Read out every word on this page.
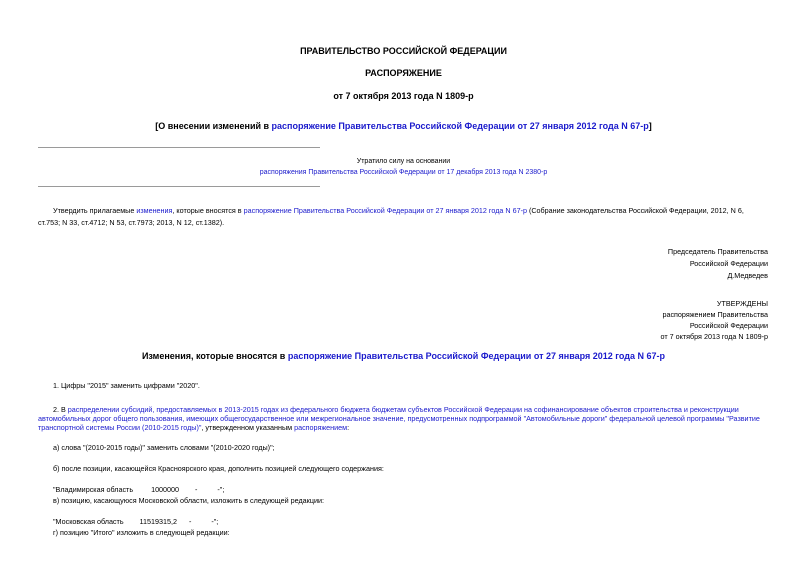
ПРАВИТЕЛЬСТВО РОССИЙСКОЙ ФЕДЕРАЦИИ
РАСПОРЯЖЕНИЕ
от 7 октября 2013 года N 1809-р
[О внесении изменений в распоряжение Правительства Российской Федерации от 27 января 2012 года N 67-р]
Утратило силу на основании
распоряжения Правительства Российской Федерации от 17 декабря 2013 года N 2380-р
Утвердить прилагаемые изменения, которые вносятся в распоряжение Правительства Российской Федерации от 27 января 2012 года N 67-р (Собрание законодательства Российской Федерации, 2012, N 6,
ст.753; N 33, ст.4712; N 53, ст.7973; 2013, N 12, ст.1382).
Председатель Правительства
Российской Федерации
Д.Медведев
УТВЕРЖДЕНЫ
распоряжением Правительства
Российской Федерации
от 7 октября 2013 года N 1809-р
Изменения, которые вносятся в распоряжение Правительства Российской Федерации от 27 января 2012 года N 67-р
1. Цифры "2015" заменить цифрами "2020".
2. В распределении субсидий, предоставляемых в 2013-2015 годах из федерального бюджета бюджетам субъектов Российской Федерации на софинансирование объектов строительства и реконструкции
автомобильных дорог общего пользования, имеющих общегосударственное или межрегиональное значение, предусмотренных подпрограммой "Автомобильные дороги" федеральной целевой программы "Развитие
транспортной системы России (2010-2015 годы)", утвержденном указанным распоряжением:
а) слова "(2010-2015 годы)" заменить словами "(2010-2020 годы)";
б) после позиции, касающейся Красноярского края, дополнить позицией следующего содержания:
"Владимирская область         1000000        -          -";
в) позицию, касающуюся Московской области, изложить в следующей редакции:
"Московская область        11519315,2      -          -";
г) позицию "Итого" изложить в следующей редакции:
